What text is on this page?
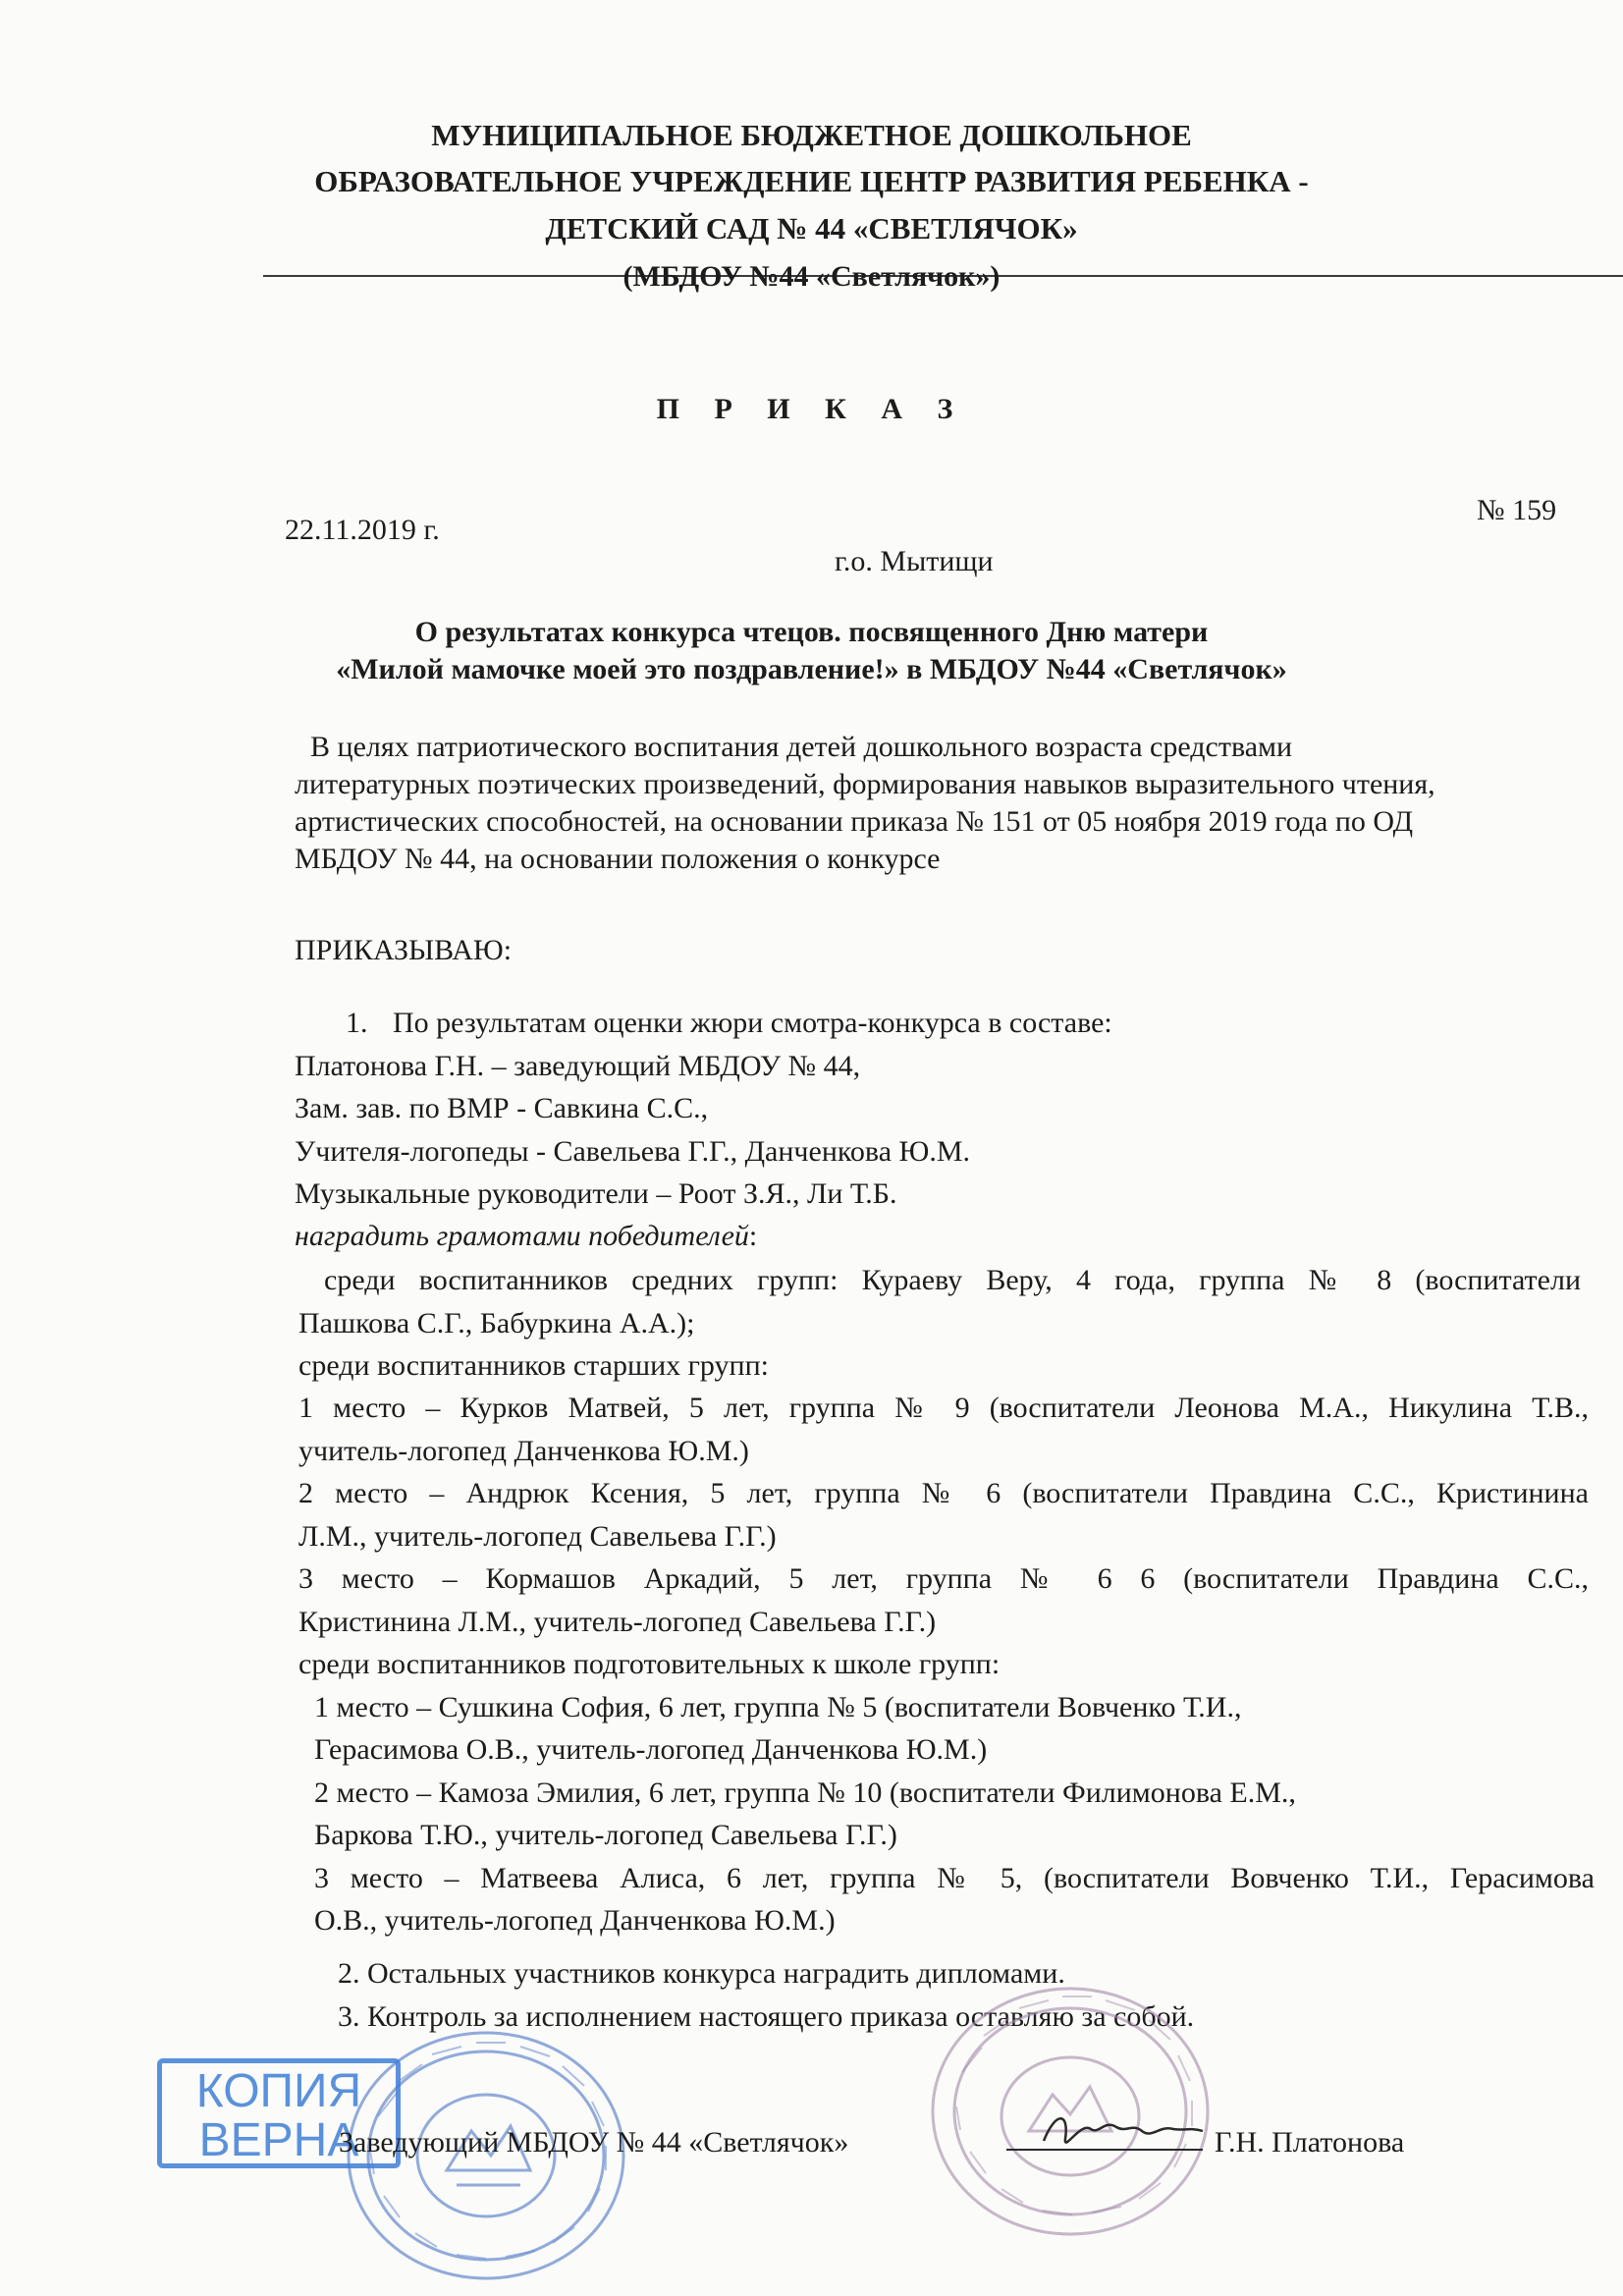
МУНИЦИПАЛЬНОЕ БЮДЖЕТНОЕ ДОШКОЛЬНОЕ
ОБРАЗОВАТЕЛЬНОЕ УЧРЕЖДЕНИЕ ЦЕНТР РАЗВИТИЯ РЕБЕНКА -
ДЕТСКИЙ САД № 44 «СВЕТЛЯЧОК»
(МБДОУ №44 «Светлячок»)
П Р И К А З
22.11.2019 г.
№ 159
г.о. Мытищи
О результатах конкурса чтецов. посвященного Дню матери
«Милой мамочке моей это поздравление!» в МБДОУ №44 «Светлячок»
В целях патриотического воспитания детей дошкольного возраста средствами
литературных поэтических произведений, формирования навыков выразительного чтения,
артистических способностей, на основании приказа № 151 от 05 ноября 2019 года по ОД
МБДОУ № 44, на основании положения о конкурсе
ПРИКАЗЫВАЮ:
1. По результатам оценки жюри смотра-конкурса в составе:
Платонова Г.Н. – заведующий МБДОУ № 44,
Зам. зав. по ВМР - Савкина С.С.,
Учителя-логопеды - Савельева Г.Г., Данченкова Ю.М.
Музыкальные руководители – Роот З.Я., Ли Т.Б.
наградить грамотами победителей:
среди воспитанников средних групп: Кураеву Веру, 4 года, группа № 8 (воспитатели
Пашкова С.Г., Бабуркина А.А.);
среди воспитанников старших групп:
1 место – Курков Матвей, 5 лет, группа № 9 (воспитатели Леонова М.А., Никулина Т.В.,
учитель-логопед Данченкова Ю.М.)
2 место – Андрюк Ксения, 5 лет, группа № 6 (воспитатели Правдина С.С., Кристинина
Л.М., учитель-логопед Савельева Г.Г.)
3 место – Кормашов Аркадий, 5 лет, группа № 6 6 (воспитатели Правдина С.С.,
Кристинина Л.М., учитель-логопед Савельева Г.Г.)
среди воспитанников подготовительных к школе групп:
1 место – Сушкина София, 6 лет, группа № 5 (воспитатели Вовченко Т.И.,
Герасимова О.В., учитель-логопед Данченкова Ю.М.)
2 место – Камоза Эмилия, 6 лет, группа № 10 (воспитатели Филимонова Е.М.,
Баркова Т.Ю., учитель-логопед Савельева Г.Г.)
3 место – Матвеева Алиса, 6 лет, группа № 5, (воспитатели Вовченко Т.И., Герасимова
О.В., учитель-логопед Данченкова Ю.М.)
2. Остальных участников конкурса наградить дипломами.
3. Контроль за исполнением настоящего приказа оставляю за собой.
КОПИЯ
ВЕРНА
Заведующий МБДОУ № 44 «Светлячок»	Г.Н. Платонова
